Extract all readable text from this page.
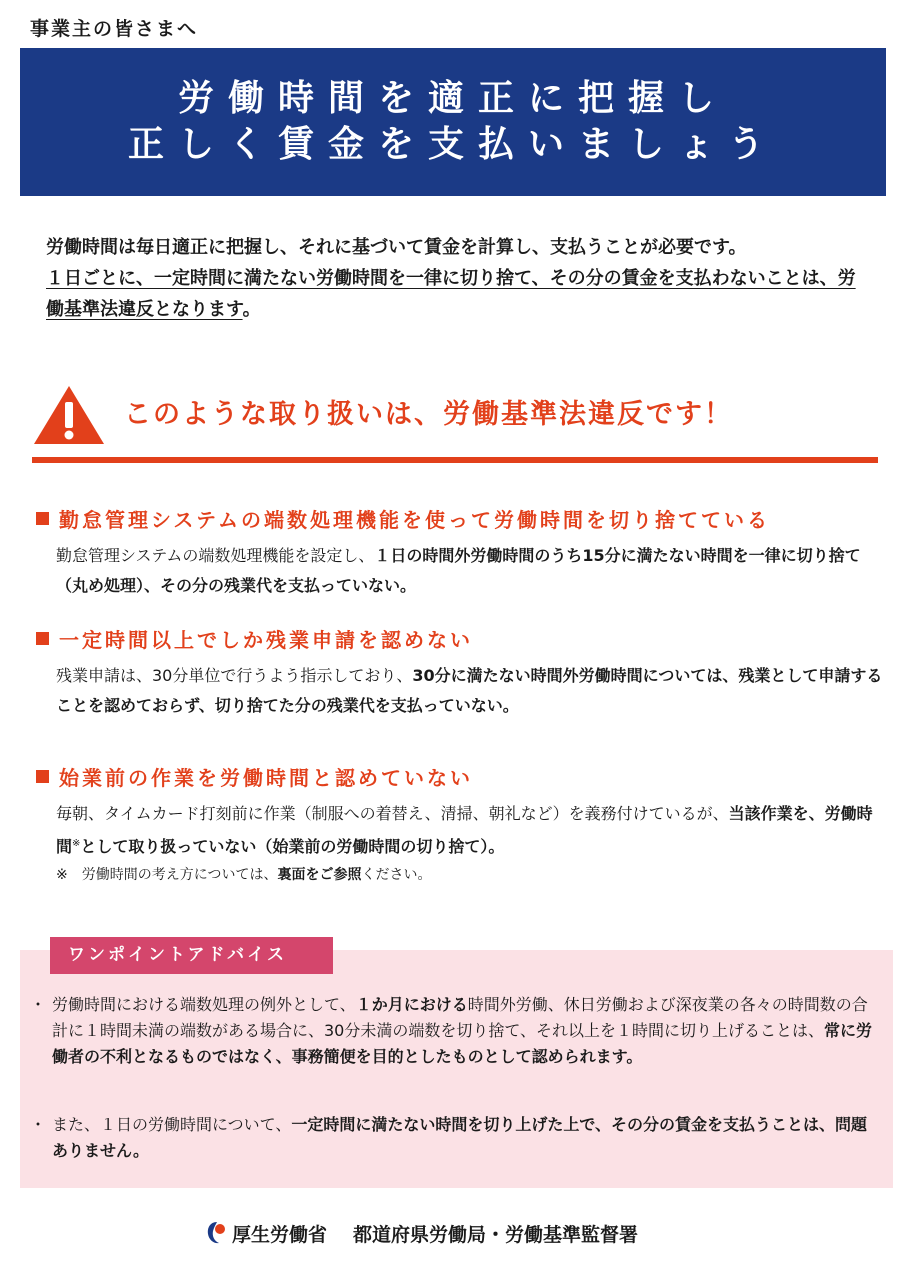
事業主の皆さまへ
労働時間を適正に把握し
正しく賃金を支払いましょう
労働時間は毎日適正に把握し、それに基づいて賃金を計算し、支払うことが必要です。
１日ごとに、一定時間に満たない労働時間を一律に切り捨て、その分の賃金を支払わないことは、労働基準法違反となります。
このような取り扱いは、労働基準法違反です！
勤怠管理システムの端数処理機能を使って労働時間を切り捨てている
勤怠管理システムの端数処理機能を設定し、１日の時間外労働時間のうち15分に満たない時間を一律に切り捨て（丸め処理）、その分の残業代を支払っていない。
一定時間以上でしか残業申請を認めない
残業申請は、30分単位で行うよう指示しており、30分に満たない時間外労働時間については、残業として申請することを認めておらず、切り捨てた分の残業代を支払っていない。
始業前の作業を労働時間と認めていない
毎朝、タイムカード打刻前に作業（制服への着替え、清掃、朝礼など）を義務付けているが、当該作業を、労働時間※として取り扱っていない（始業前の労働時間の切り捨て）。
※　 労働時間の考え方については、裏面をご参照ください。
ワンポイントアドバイス
・ 労働時間における端数処理の例外として、１か月における時間外労働、休日労働および深夜業の各々の時間数の合計に１時間未満の端数がある場合に、30分未満の端数を切り捨て、それ以上を１時間に切り上げることは、常に労働者の不利となるものではなく、事務簡便を目的としたものとして認められます。
・ また、１日の労働時間について、一定時間に満たない時間を切り上げた上で、その分の賃金を支払うことは、問題ありません。
厚生労働省 都道府県労働局・労働基準監督署
